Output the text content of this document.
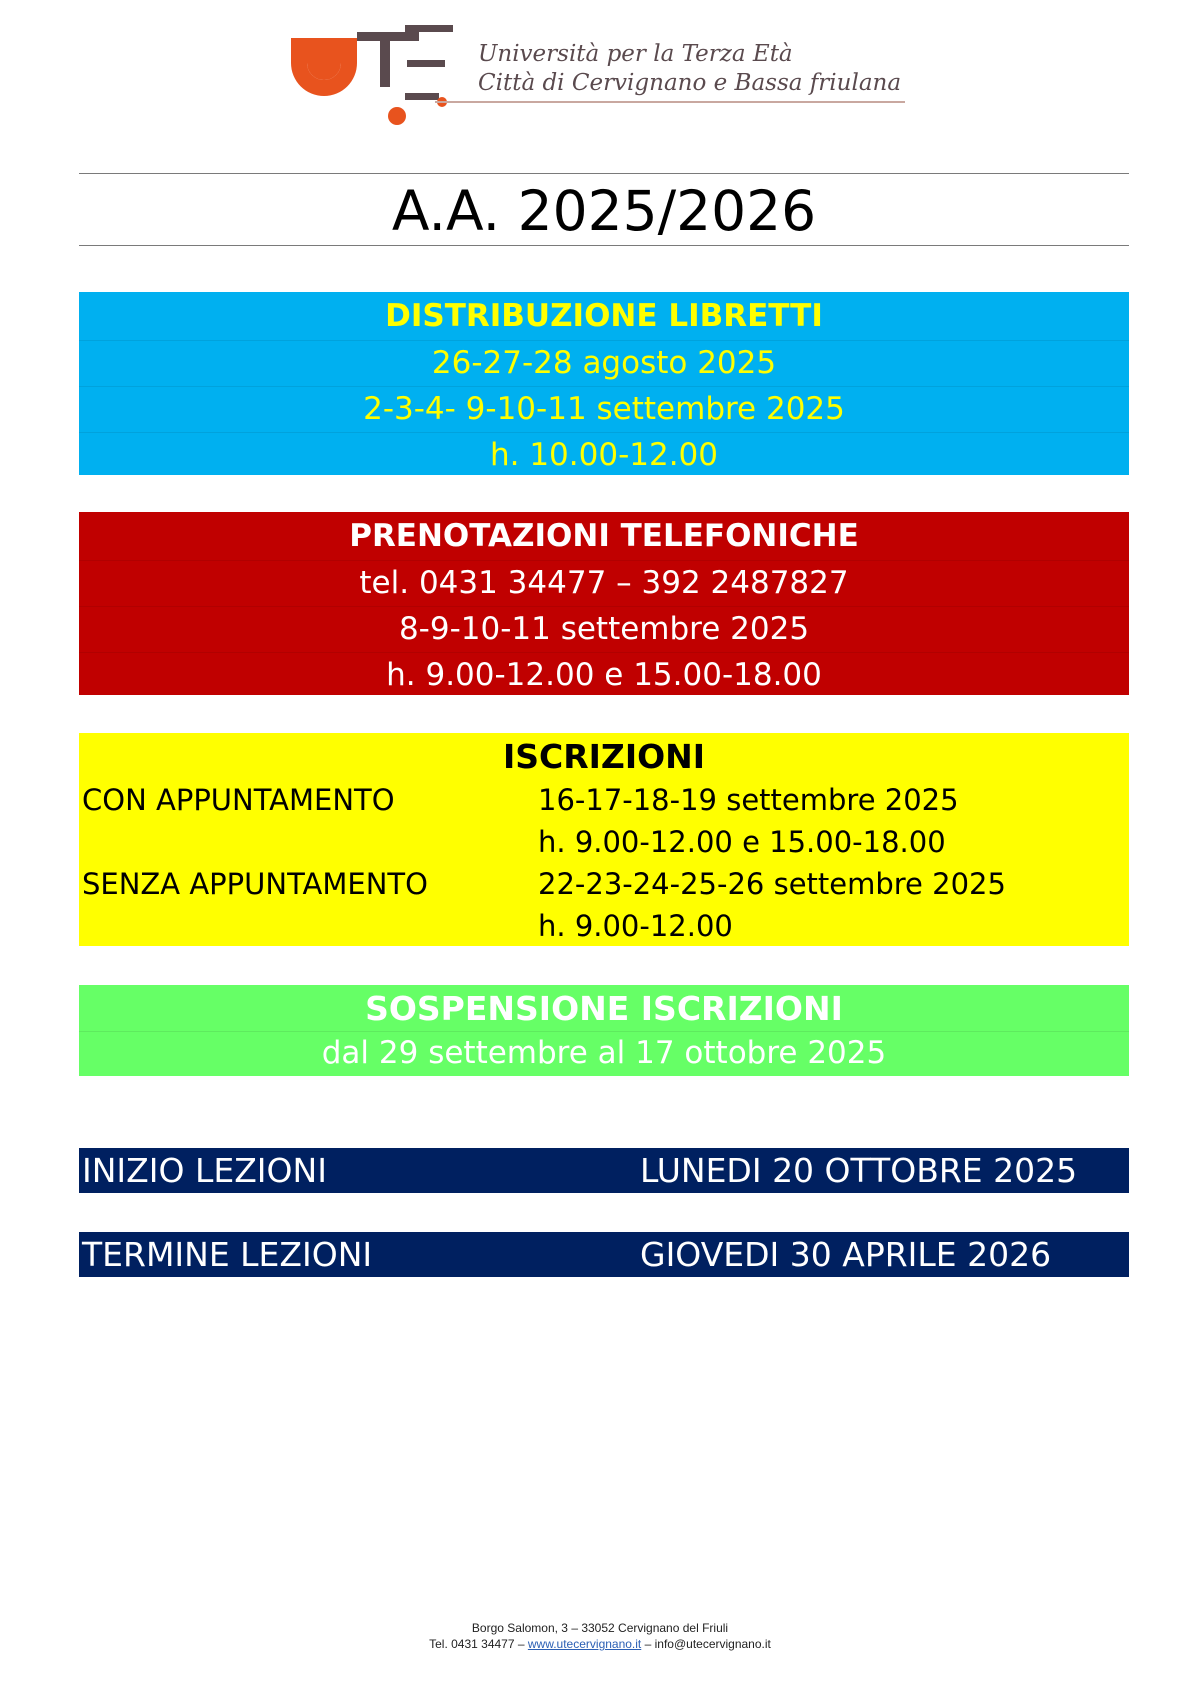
Università per la Terza Età
Città di Cervignano e Bassa friulana
A.A. 2025/2026
DISTRIBUZIONE LIBRETTI
26-27-28 agosto 2025
2-3-4- 9-10-11 settembre 2025
h. 10.00-12.00
PRENOTAZIONI TELEFONICHE
tel. 0431 34477 – 392 2487827
8-9-10-11 settembre 2025
h. 9.00-12.00 e 15.00-18.00
ISCRIZIONI
CON APPUNTAMENTO	16-17-18-19 settembre 2025
h. 9.00-12.00 e 15.00-18.00
SENZA APPUNTAMENTO	22-23-24-25-26 settembre 2025
h. 9.00-12.00
SOSPENSIONE ISCRIZIONI
dal 29 settembre al 17 ottobre 2025
INIZIO LEZIONI	LUNEDI 20 OTTOBRE 2025
TERMINE LEZIONI	GIOVEDI 30 APRILE 2026
Borgo Salomon, 3 – 33052 Cervignano del Friuli
Tel. 0431 34477 – www.utecervignano.it – info@utecervignano.it
